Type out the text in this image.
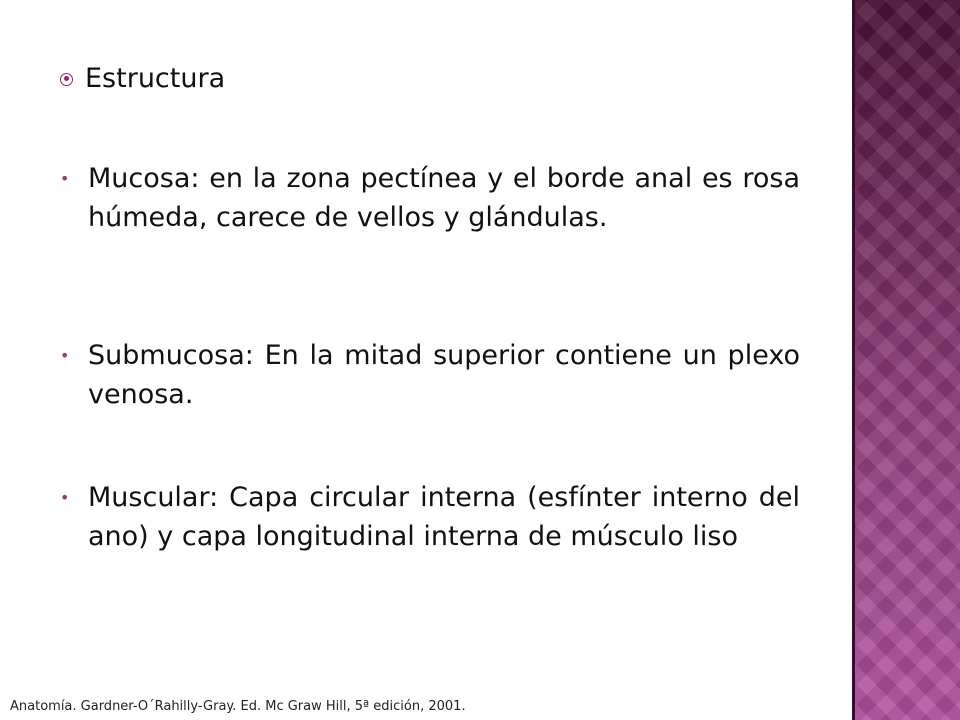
Estructura
• Mucosa: en la zona pectínea y el borde anal es rosa húmeda, carece de vellos y glándulas.
• Submucosa: En la mitad superior contiene un plexo venosa.
• Muscular: Capa circular interna (esfínter interno del ano) y capa longitudinal interna de músculo liso
Anatomía. Gardner-O´Rahilly-Gray. Ed. Mc Graw Hill, 5ª edición, 2001.
